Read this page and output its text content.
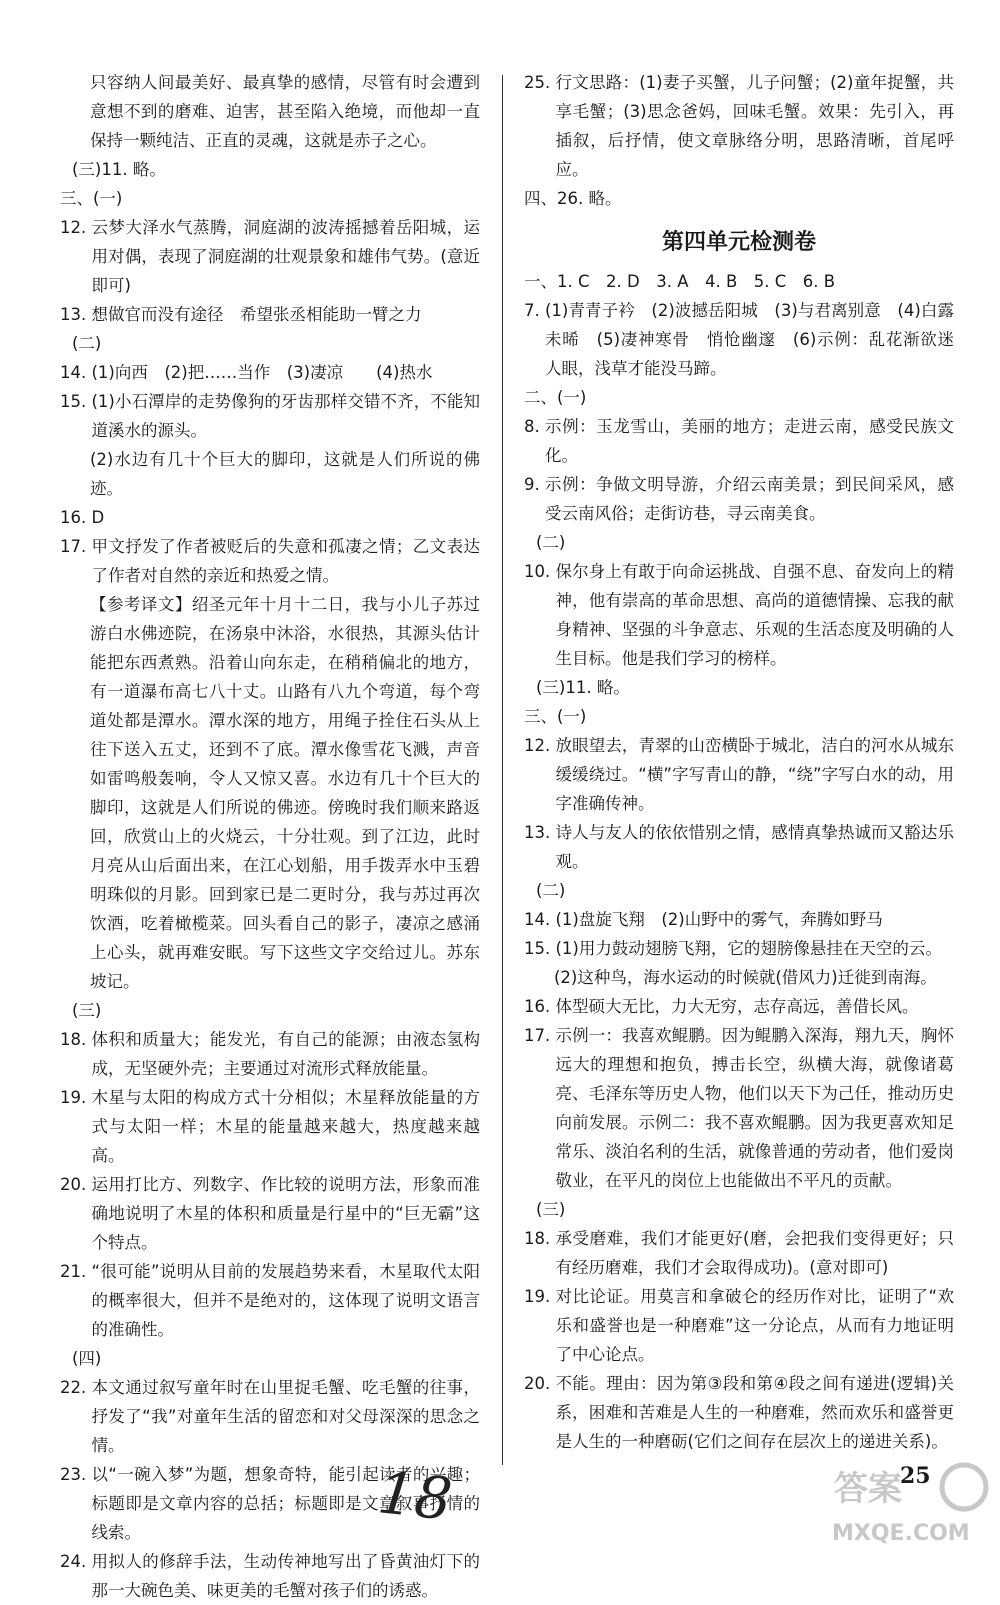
只容纳人间最美好、最真挚的感情，尽管有时会遭到意想不到的磨难、迫害，甚至陷入绝境，而他却一直保持一颗纯洁、正直的灵魂，这就是赤子之心。
(三)11. 略。
三、(一)
12. 云梦大泽水气蒸腾，洞庭湖的波涛摇撼着岳阳城，运用对偶，表现了洞庭湖的壮观景象和雄伟气势。(意近即可)
13. 想做官而没有途径　希望张丞相能助一臂之力
(二)
14. (1)向西　(2)把……当作　(3)凄凉　　(4)热水
15. (1)小石潭岸的走势像狗的牙齿那样交错不齐，不能知道溪水的源头。
(2)水边有几十个巨大的脚印，这就是人们所说的佛迹。
16. D
17. 甲文抒发了作者被贬后的失意和孤凄之情；乙文表达了作者对自然的亲近和热爱之情。
【参考译文】绍圣元年十月十二日，我与小儿子苏过游白水佛迹院，在汤泉中沐浴，水很热，其源头估计能把东西煮熟。沿着山向东走，在稍稍偏北的地方，有一道瀑布高七八十丈。山路有八九个弯道，每个弯道处都是潭水。潭水深的地方，用绳子拴住石头从上往下送入五丈，还到不了底。潭水像雪花飞溅，声音如雷鸣般轰响，令人又惊又喜。水边有几十个巨大的脚印，这就是人们所说的佛迹。傍晚时我们顺来路返回，欣赏山上的火烧云，十分壮观。到了江边，此时月亮从山后面出来，在江心划船，用手拨弄水中玉碧明珠似的月影。回到家已是二更时分，我与苏过再次饮酒，吃着橄榄菜。回头看自己的影子，凄凉之感涌上心头，就再难安眠。写下这些文字交给过儿。苏东坡记。
(三)
18. 体积和质量大；能发光，有自己的能源；由液态氢构成，无坚硬外壳；主要通过对流形式释放能量。
19. 木星与太阳的构成方式十分相似；木星释放能量的方式与太阳一样；木星的能量越来越大，热度越来越高。
20. 运用打比方、列数字、作比较的说明方法，形象而准确地说明了木星的体积和质量是行星中的“巨无霸”这个特点。
21. “很可能”说明从目前的发展趋势来看，木星取代太阳的概率很大，但并不是绝对的，这体现了说明文语言的准确性。
(四)
22. 本文通过叙写童年时在山里捉毛蟹、吃毛蟹的往事，抒发了“我”对童年生活的留恋和对父母深深的思念之情。
23. 以“一碗入梦”为题，想象奇特，能引起读者的兴趣；标题即是文章内容的总括；标题即是文章叙事抒情的线索。
24. 用拟人的修辞手法，生动传神地写出了昏黄油灯下的那一大碗色美、味更美的毛蟹对孩子们的诱惑。
25. 行文思路：(1)妻子买蟹，儿子问蟹；(2)童年捉蟹，共享毛蟹；(3)思念爸妈，回味毛蟹。效果：先引入，再插叙，后抒情，使文章脉络分明，思路清晰，首尾呼应。
四、26. 略。
第四单元检测卷
一、1. C　2. D　3. A　4. B　5. C　6. B
7. (1)青青子衿　(2)波撼岳阳城　(3)与君离别意　(4)白露未晞　(5)凄神寒骨　悄怆幽邃　(6)示例：乱花渐欲迷人眼，浅草才能没马蹄。
二、(一)
8. 示例：玉龙雪山，美丽的地方；走进云南，感受民族文化。
9. 示例：争做文明导游，介绍云南美景；到民间采风，感受云南风俗；走街访巷，寻云南美食。
(二)
10. 保尔身上有敢于向命运挑战、自强不息、奋发向上的精神，他有崇高的革命思想、高尚的道德情操、忘我的献身精神、坚强的斗争意志、乐观的生活态度及明确的人生目标。他是我们学习的榜样。
(三)11. 略。
三、(一)
12. 放眼望去，青翠的山峦横卧于城北，洁白的河水从城东缓缓绕过。“横”字写青山的静，“绕”字写白水的动，用字准确传神。
13. 诗人与友人的依依惜别之情，感情真挚热诚而又豁达乐观。
(二)
14. (1)盘旋飞翔　(2)山野中的雾气，奔腾如野马
15. (1)用力鼓动翅膀飞翔，它的翅膀像悬挂在天空的云。
(2)这种鸟，海水运动的时候就(借风力)迁徙到南海。
16. 体型硕大无比，力大无穷，志存高远，善借长风。
17. 示例一：我喜欢鲲鹏。因为鲲鹏入深海，翔九天，胸怀远大的理想和抱负，搏击长空，纵横大海，就像诸葛亮、毛泽东等历史人物，他们以天下为己任，推动历史向前发展。示例二：我不喜欢鲲鹏。因为我更喜欢知足常乐、淡泊名利的生活，就像普通的劳动者，他们爱岗敬业，在平凡的岗位上也能做出不平凡的贡献。
(三)
18. 承受磨难，我们才能更好(磨，会把我们变得更好；只有经历磨难，我们才会取得成功)。(意对即可)
19. 对比论证。用莫言和拿破仑的经历作对比，证明了“欢乐和盛誉也是一种磨难”这一分论点，从而有力地证明了中心论点。
20. 不能。理由：因为第③段和第④段之间有递进(逻辑)关系，困难和苦难是人生的一种磨难，然而欢乐和盛誉更是人生的一种磨砺(它们之间存在层次上的递进关系)。
25
18	答案
MXQE.COM
